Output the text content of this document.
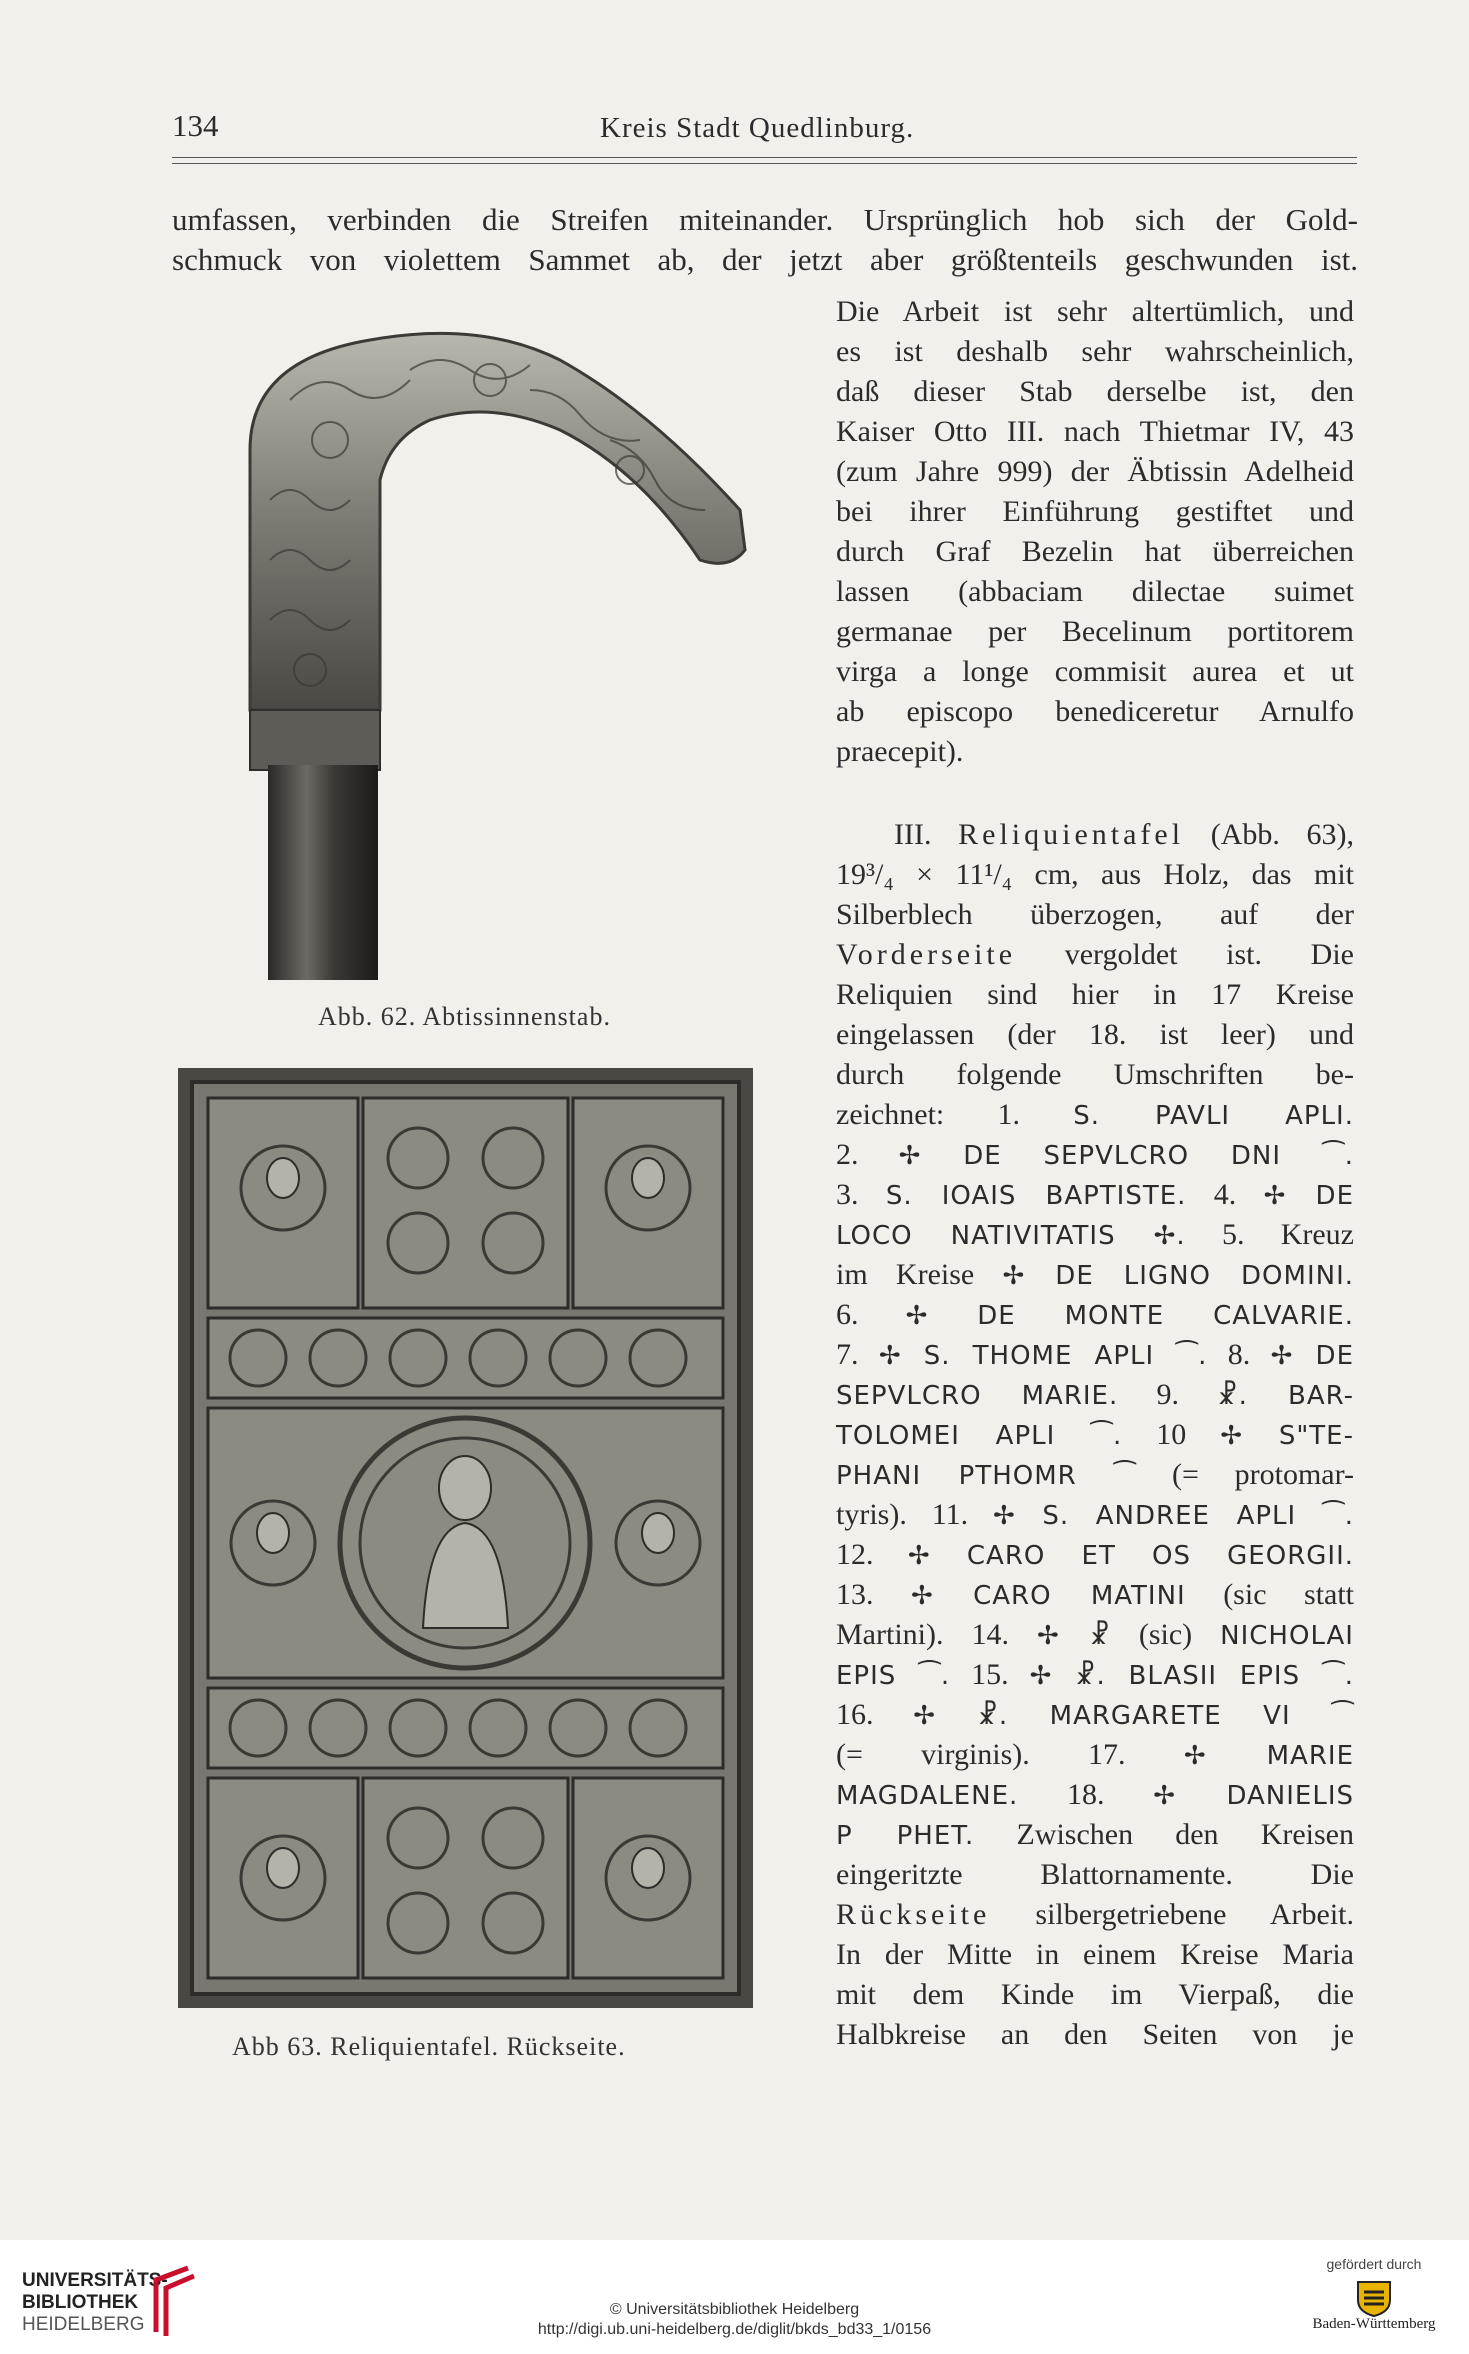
134	Kreis Stadt Quedlinburg.
umfassen, verbinden die Streifen miteinander. Ursprünglich hob sich der Gold-
schmuck von violettem Sammet ab, der jetzt aber größtenteils geschwunden ist.
Abb. 62. Abtissinnenstab.
Abb 63. Reliquientafel. Rückseite.
Die Arbeit ist sehr altertümlich, und
es ist deshalb sehr wahrscheinlich,
daß dieser Stab derselbe ist, den
Kaiser Otto III. nach Thietmar IV, 43
(zum Jahre 999) der Äbtissin Adelheid
bei ihrer Einführung gestiftet und
durch Graf Bezelin hat überreichen
lassen (abbaciam dilectae suimet
germanae per Becelinum portitorem
virga a longe commisit aurea et ut
ab episcopo benediceretur Arnulfo
praecepit).
III. Reliquientafel (Abb. 63),
19³/₄ × 11¹/₄ cm, aus Holz, das mit
Silberblech überzogen, auf der
Vorderseite vergoldet ist. Die
Reliquien sind hier in 17 Kreise
eingelassen (der 18. ist leer) und
durch folgende Umschriften be-
zeichnet: 1. S. PAVLI APLI.
2. ✢ DE SEPVLCRO DNI ⁀.
3. S. IOAIS BAPTISTE. 4. ✢ DE
LOCO NATIVITATIS ✢. 5. Kreuz
im Kreise ✢ DE LIGNO DOMINI.
6. ✢ DE MONTE CALVARIE.
7. ✢ S. THOME APLI ⁀. 8. ✢ DE
SEPVLCRO MARIE. 9. ☧. BAR-
TOLOMEI APLI ⁀. 10 ✢ S"TE-
PHANI PTHOMR ⁀ (= protomar-
tyris). 11. ✢ S. ANDREE APLI ⁀.
12. ✢ CARO ET OS GEORGII.
13. ✢ CARO MATINI (sic statt
Martini). 14. ✢ ☧ (sic) NICHOLAI
EPIS ⁀. 15. ✢ ☧. BLASII EPIS ⁀.
16. ✢ ☧. MARGARETE VI ⁀
(= virginis). 17. ✢ MARIE
MAGDALENE. 18. ✢ DANIELIS
P PHET. Zwischen den Kreisen
eingeritzte Blattornamente. Die
Rückseite silbergetriebene Arbeit.
In der Mitte in einem Kreise Maria
mit dem Kinde im Vierpaß, die
Halbkreise an den Seiten von je
UNIVERSITÄTS-
BIBLIOTHEK
HEIDELBERG
© Universitätsbibliothek Heidelberg
http://digi.ub.uni-heidelberg.de/diglit/bkds_bd33_1/0156
gefördert durch
Baden-Württemberg
